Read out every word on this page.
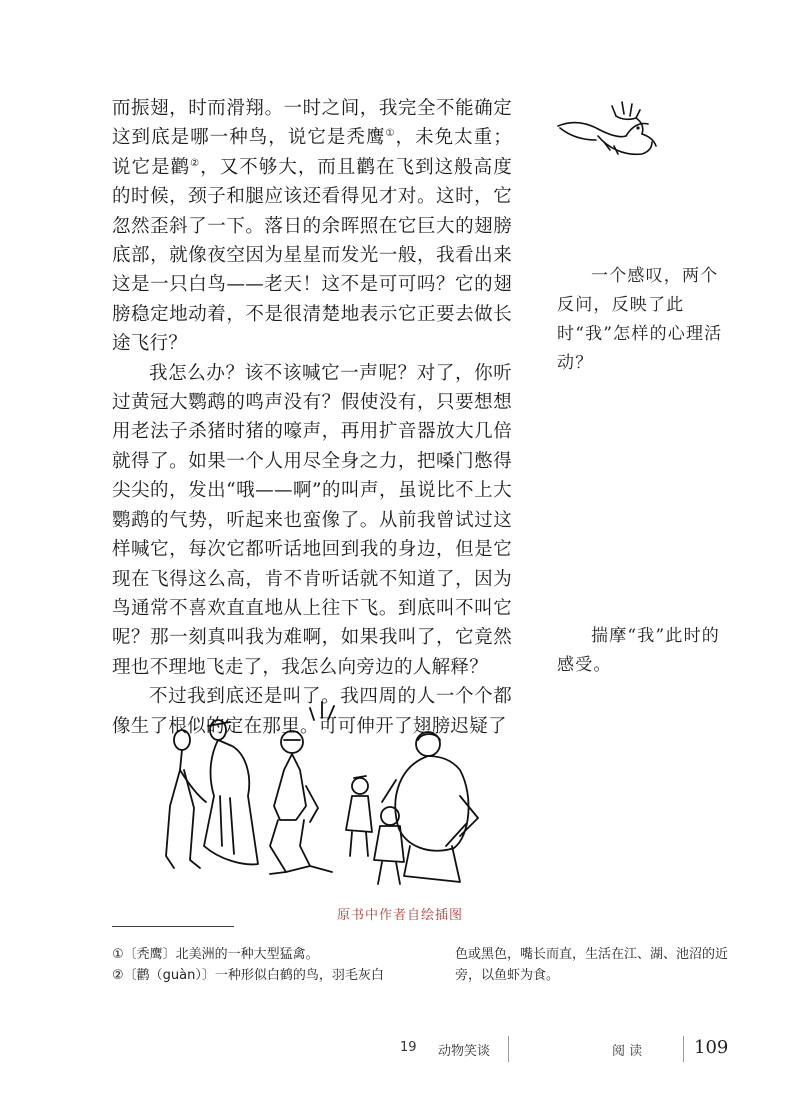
而振翅，时而滑翔。一时之间，我完全不能确定这到底是哪一种鸟，说它是秃鹰①，未免太重；说它是鹳②，又不够大，而且鹳在飞到这般高度的时候，颈子和腿应该还看得见才对。这时，它忽然歪斜了一下。落日的余晖照在它巨大的翅膀底部，就像夜空因为星星而发光一般，我看出来这是一只白鸟——老天！这不是可可吗？它的翅膀稳定地动着，不是很清楚地表示它正要去做长途飞行？

我怎么办？该不该喊它一声呢？对了，你听过黄冠大鹦鹉的鸣声没有？假使没有，只要想想用老法子杀猪时猪的嚎声，再用扩音器放大几倍就得了。如果一个人用尽全身之力，把嗓门憋得尖尖的，发出“哦——啊”的叫声，虽说比不上大鹦鹉的气势，听起来也蛮像了。从前我曾试过这样喊它，每次它都听话地回到我的身边，但是它现在飞得这么高，肯不肯听话就不知道了，因为鸟通常不喜欢直直地从上往下飞。到底叫不叫它呢？那一刻真叫我为难啊，如果我叫了，它竟然理也不理地飞走了，我怎么向旁边的人解释？

不过我到底还是叫了。我四周的人一个个都像生了根似的定在那里。可可伸开了翅膀迟疑了

一个感叹，两个反问，反映了此时“我”怎样的心理活动？
揣摩“我”此时的感受。
原书中作者自绘插图
①〔秃鹰〕北美洲的一种大型猛禽。
②〔鹳（guàn）〕一种形似白鹤的鸟，羽毛灰白
色或黑色，嘴长而直，生活在江、湖、池沼的近旁，以鱼虾为食。
19 动物笑谈	阅 读	109
